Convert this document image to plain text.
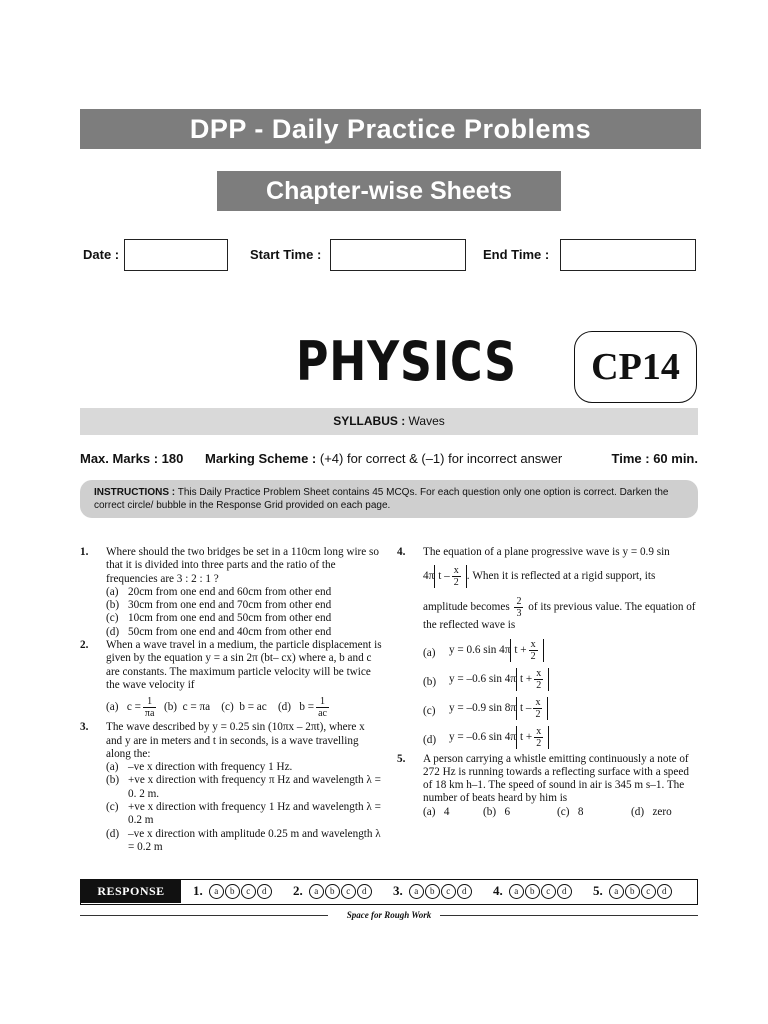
DPP - Daily Practice Problems
Chapter-wise Sheets
Date :	Start Time :	End Time :
PHYSICS	CP14
SYLLABUS : Waves
Max. Marks : 180 Marking Scheme : (+4) for correct & (–1) for incorrect answer	Time : 60 min.
INSTRUCTIONS : This Daily Practice Problem Sheet contains 45 MCQs. For each question only one option is correct. Darken the correct circle/ bubble in the Response Grid provided on each page.
1. Where should the two bridges be set in a 110cm long wire so that it is divided into three parts and the ratio of the frequencies are 3 : 2 : 1 ?
(a) 20cm from one end and 60cm from other end
(b) 30cm from one end and 70cm from other end
(c) 10cm from one end and 50cm from other end
(d) 50cm from one end and 40cm from other end
2. When a wave travel in a medium, the particle displacement is given by the equation y = a sin 2π (bt– cx) where a, b and c are constants. The maximum particle velocity will be twice the wave velocity if
(a) $c = \frac{1}{\pi a} (b) c = \pi a$ (c) b = ac (d) $b = \frac{1}{ac}$
3. The wave described by y = 0.25 sin (10πx – 2πt), where x and y are in meters and t in seconds, is a wave travelling along the:
(a) –ve x direction with frequency 1 Hz.
(b) +ve x direction with frequency π Hz and wavelength λ = 0. 2 m.
(c) +ve x direction with frequency 1 Hz and wavelength λ = 0.2 m
(d) –ve x direction with amplitude 0.25 m and wavelength λ = 0.2 m
4. The equation of a plane progressive wave is y = 0.9 sin
4π t – $\frac{x}{2}$ . When it is reflected at a rigid support, its
amplitude becomes $\frac{2}{3}$ of its previous value. The equation of the reflected wave is
(a) y = 0.6 sin 4π $t + \frac{x}{2}$
(b) y = –0.6 sin 4π $t + \frac{x}{2}$
(c) y = –0.9 sin 8π t – $\frac{x}{2}$
(d) y = –0.6 sin 4π $t + \frac{x}{2}$
5. A person carrying a whistle emitting continuously a note of 272 Hz is running towards a reflecting surface with a speed of 18 km h–1. The speed of sound in air is 345 m s–1. The number of beats heard by him is
(a) 4	(b) 6	(c) 8	(d) zero
RESPONSE GRID
1. a b c d 2. a b c d 3. a b c d 4. a b c d 5. a b c d
Space for Rough Work
